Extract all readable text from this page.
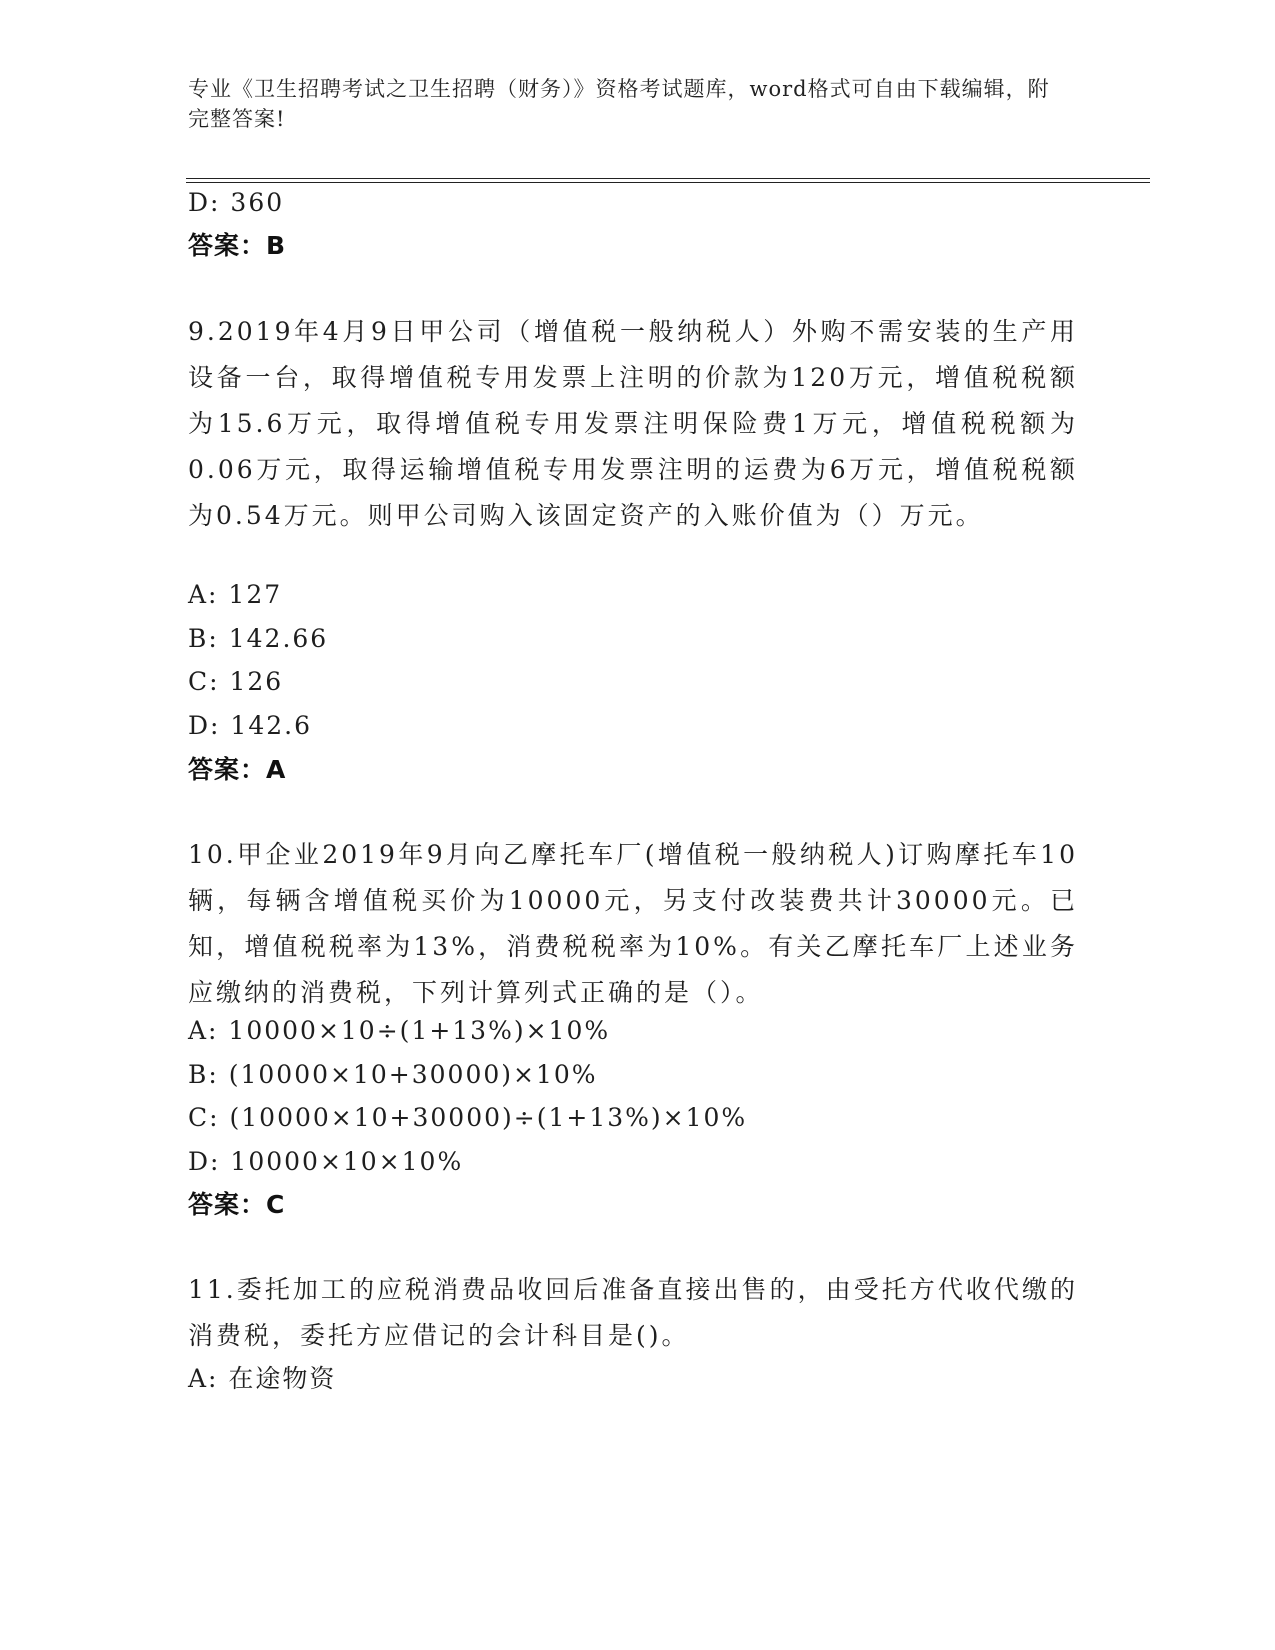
专业《卫生招聘考试之卫生招聘（财务）》资格考试题库，word格式可自由下载编辑，附完整答案!
D: 360
答案：B
9.2019年4月9日甲公司（增值税一般纳税人）外购不需安装的生产用设备一台，取得增值税专用发票上注明的价款为120万元，增值税税额为15.6万元，取得增值税专用发票注明保险费1万元，增值税税额为0.06万元，取得运输增值税专用发票注明的运费为6万元，增值税税额为0.54万元。则甲公司购入该固定资产的入账价值为（）万元。
A: 127
B: 142.66
C: 126
D: 142.6
答案：A
10.甲企业2019年9月向乙摩托车厂(增值税一般纳税人)订购摩托车10辆，每辆含增值税买价为10000元，另支付改装费共计30000元。已知，增值税税率为13%，消费税税率为10%。有关乙摩托车厂上述业务应缴纳的消费税，下列计算列式正确的是（）。
A: 10000×10÷(1+13%)×10%
B: (10000×10+30000)×10%
C: (10000×10+30000)÷(1+13%)×10%
D: 10000×10×10%
答案：C
11.委托加工的应税消费品收回后准备直接出售的，由受托方代收代缴的消费税，委托方应借记的会计科目是()。
A: 在途物资
